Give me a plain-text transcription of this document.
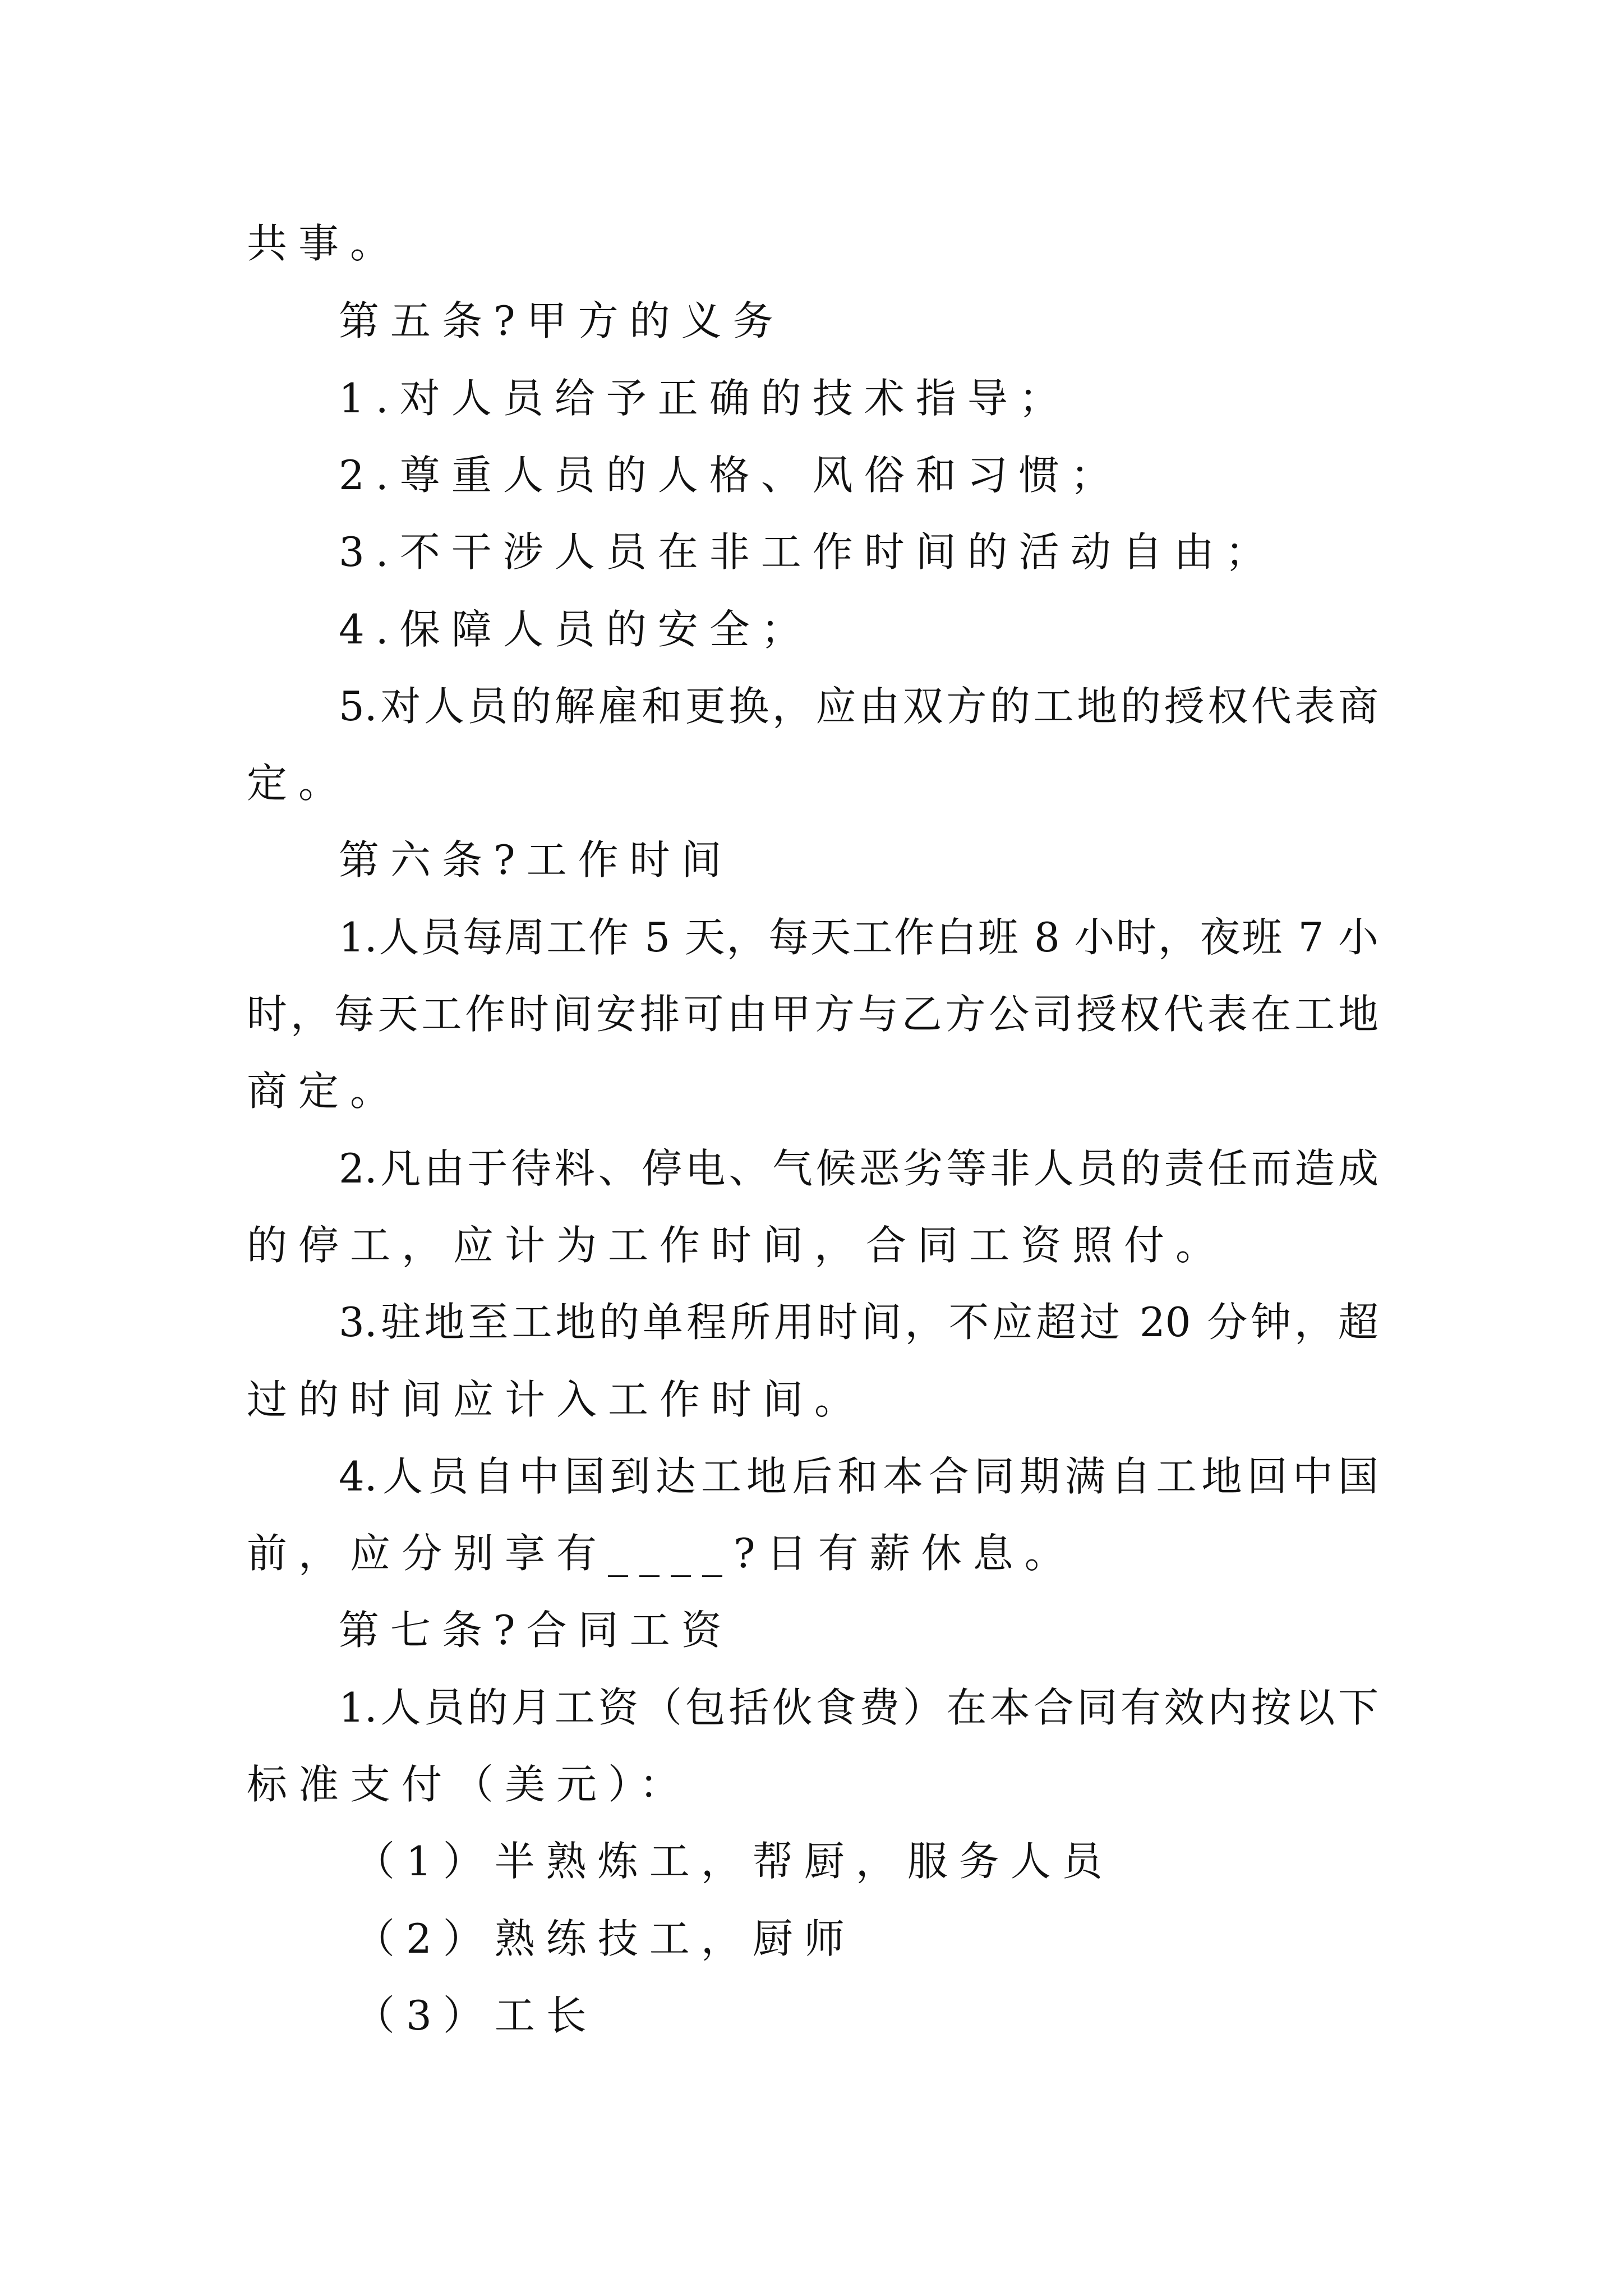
共事。
第五条?甲方的义务
1.对人员给予正确的技术指导；
2.尊重人员的人格、风俗和习惯；
3.不干涉人员在非工作时间的活动自由；
4.保障人员的安全；
5.对人员的解雇和更换，应由双方的工地的授权代表商
定。
第六条?工作时间
1.人员每周工作 5 天，每天工作白班 8 小时，夜班 7 小
时，每天工作时间安排可由甲方与乙方公司授权代表在工地
商定。
2.凡由于待料、停电、气候恶劣等非人员的责任而造成
的停工，应计为工作时间，合同工资照付。
3.驻地至工地的单程所用时间，不应超过 20 分钟，超
过的时间应计入工作时间。
4.人员自中国到达工地后和本合同期满自工地回中国
前，应分别享有____?日有薪休息。
第七条?合同工资
1.人员的月工资（包括伙食费）在本合同有效内按以下
标准支付（美元）：
（1）半熟炼工，帮厨，服务人员
（2）熟练技工，厨师
（3）工长
